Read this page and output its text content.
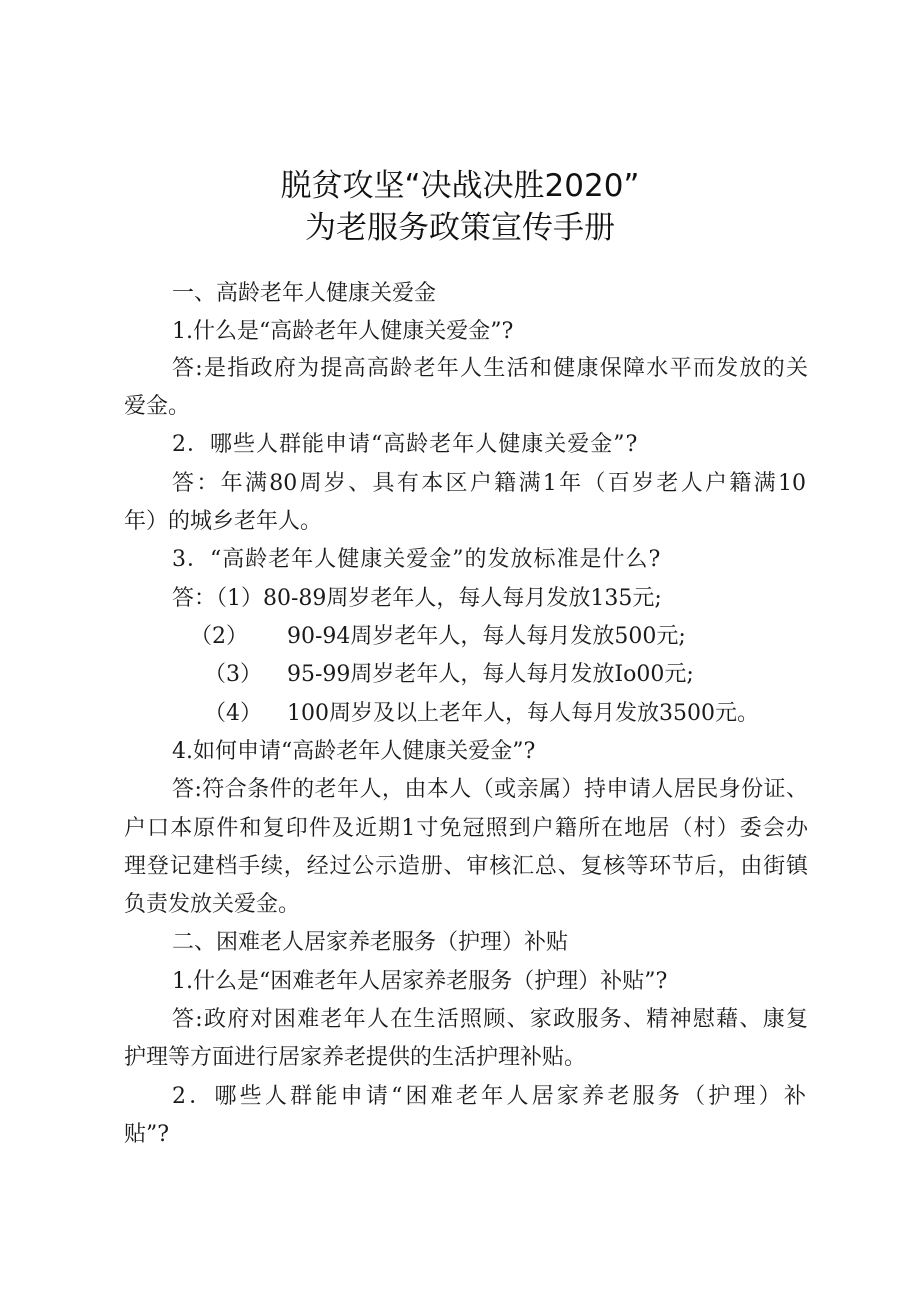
脱贫攻坚“决战决胜2020”
为老服务政策宣传手册
一、高龄老年人健康关爱金
1.什么是“高龄老年人健康关爱金”?
答:是指政府为提高高龄老年人生活和健康保障水平而发放的关
爱金。
2．哪些人群能申请“高龄老年人健康关爱金”?
答：年满80周岁、具有本区户籍满1年（百岁老人户籍满10
年）的城乡老年人。
3．“高龄老年人健康关爱金”的发放标准是什么?
答：（1）80-89周岁老年人，每人每月发放135元;
（2） 90-94周岁老年人，每人每月发放500元;
（3） 95-99周岁老年人，每人每月发放Io00元;
（4） 100周岁及以上老年人，每人每月发放3500元。
4.如何申请“高龄老年人健康关爱金”?
答:符合条件的老年人，由本人（或亲属）持申请人居民身份证、
户口本原件和复印件及近期1寸免冠照到户籍所在地居（村）委会办
理登记建档手续，经过公示造册、审核汇总、复核等环节后，由街镇
负责发放关爱金。
二、困难老人居家养老服务（护理）补贴
1.什么是“困难老年人居家养老服务（护理）补贴”?
答:政府对困难老年人在生活照顾、家政服务、精神慰藉、康复
护理等方面进行居家养老提供的生活护理补贴。
2．哪些人群能申请“困难老年人居家养老服务（护理）补
贴”?
